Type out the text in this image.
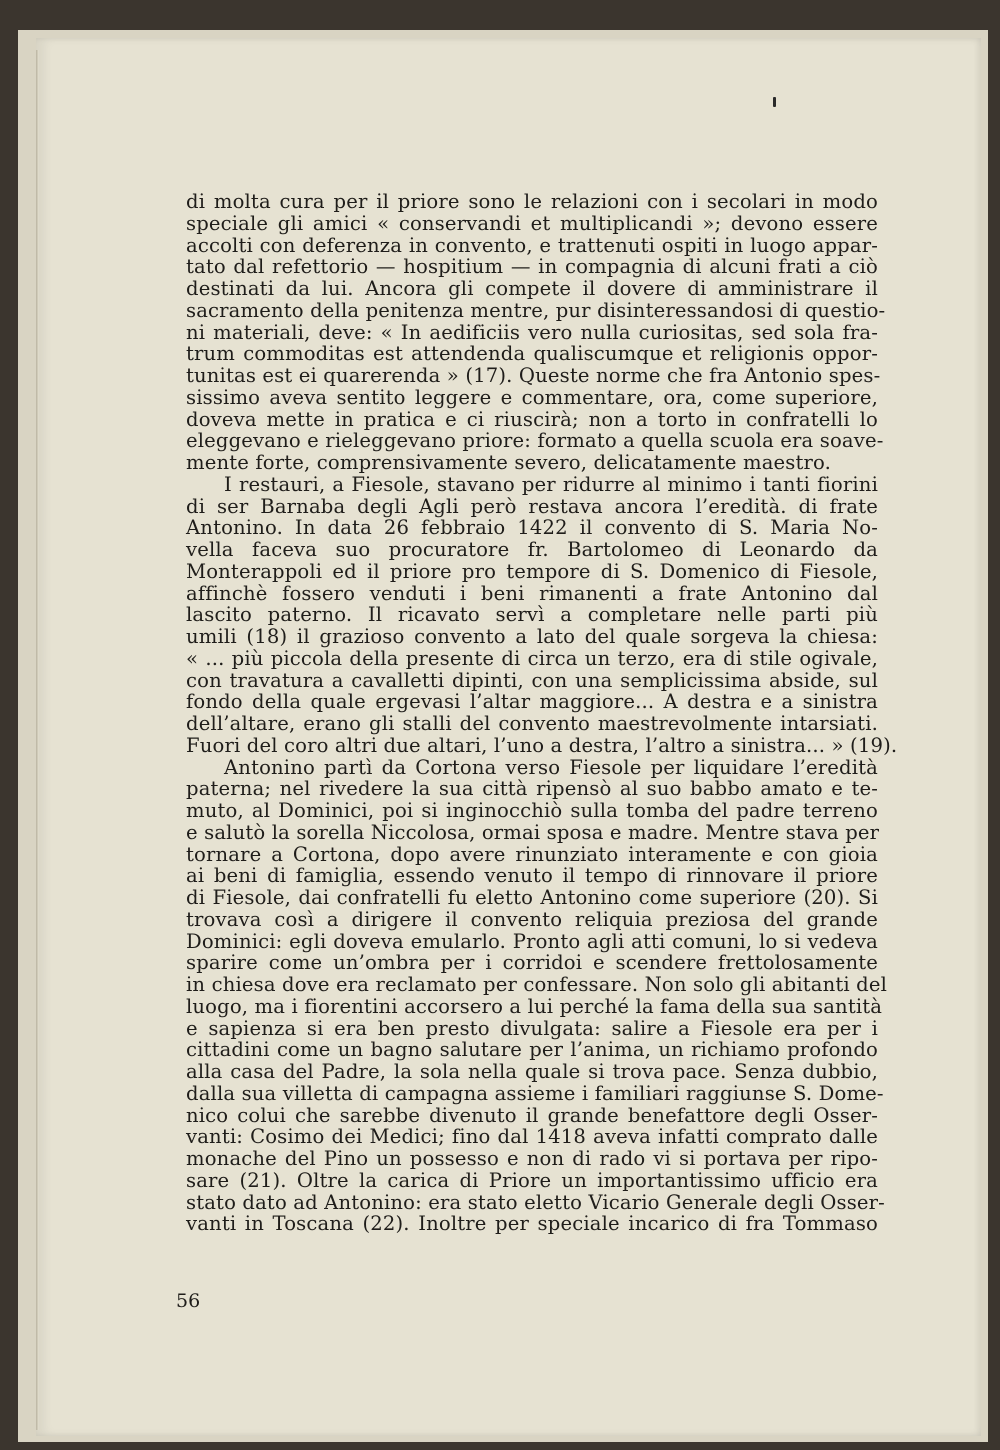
di molta cura per il priore sono le relazioni con i secolari in modo
speciale gli amici « conservandi et multiplicandi »; devono essere
accolti con deferenza in convento, e trattenuti ospiti in luogo appar-
tato dal refettorio — hospitium — in compagnia di alcuni frati a ciò
destinati da lui. Ancora gli compete il dovere di amministrare il
sacramento della penitenza mentre, pur disinteressandosi di questio-
ni materiali, deve: « In aedificiis vero nulla curiositas, sed sola fra-
trum commoditas est attendenda qualiscumque et religionis oppor-
tunitas est ei quarerenda » (17). Queste norme che fra Antonio spes-
sissimo aveva sentito leggere e commentare, ora, come superiore,
doveva mette in pratica e ci riuscirà; non a torto in confratelli lo
eleggevano e rieleggevano priore: formato a quella scuola era soave-
mente forte, comprensivamente severo, delicatamente maestro.
I restauri, a Fiesole, stavano per ridurre al minimo i tanti fiorini
di ser Barnaba degli Agli però restava ancora l’eredità. di frate
Antonino. In data 26 febbraio 1422 il convento di S. Maria No-
vella faceva suo procuratore fr. Bartolomeo di Leonardo da
Monterappoli ed il priore pro tempore di S. Domenico di Fiesole,
affinchè fossero venduti i beni rimanenti a frate Antonino dal
lascito paterno. Il ricavato servì a completare nelle parti più
umili (18) il grazioso convento a lato del quale sorgeva la chiesa:
« ... più piccola della presente di circa un terzo, era di stile ogivale,
con travatura a cavalletti dipinti, con una semplicissima abside, sul
fondo della quale ergevasi l’altar maggiore... A destra e a sinistra
dell’altare, erano gli stalli del convento maestrevolmente intarsiati.
Fuori del coro altri due altari, l’uno a destra, l’altro a sinistra... » (19).
Antonino partì da Cortona verso Fiesole per liquidare l’eredità
paterna; nel rivedere la sua città ripensò al suo babbo amato e te-
muto, al Dominici, poi si inginocchiò sulla tomba del padre terreno
e salutò la sorella Niccolosa, ormai sposa e madre. Mentre stava per
tornare a Cortona, dopo avere rinunziato interamente e con gioia
ai beni di famiglia, essendo venuto il tempo di rinnovare il priore
di Fiesole, dai confratelli fu eletto Antonino come superiore (20). Si
trovava così a dirigere il convento reliquia preziosa del grande
Dominici: egli doveva emularlo. Pronto agli atti comuni, lo si vedeva
sparire come un’ombra per i corridoi e scendere frettolosamente
in chiesa dove era reclamato per confessare. Non solo gli abitanti del
luogo, ma i fiorentini accorsero a lui perché la fama della sua santità
e sapienza si era ben presto divulgata: salire a Fiesole era per i
cittadini come un bagno salutare per l’anima, un richiamo profondo
alla casa del Padre, la sola nella quale si trova pace. Senza dubbio,
dalla sua villetta di campagna assieme i familiari raggiunse S. Dome-
nico colui che sarebbe divenuto il grande benefattore degli Osser-
vanti: Cosimo dei Medici; fino dal 1418 aveva infatti comprato dalle
monache del Pino un possesso e non di rado vi si portava per ripo-
sare (21). Oltre la carica di Priore un importantissimo ufficio era
stato dato ad Antonino: era stato eletto Vicario Generale degli Osser-
vanti in Toscana (22). Inoltre per speciale incarico di fra Tommaso
56
